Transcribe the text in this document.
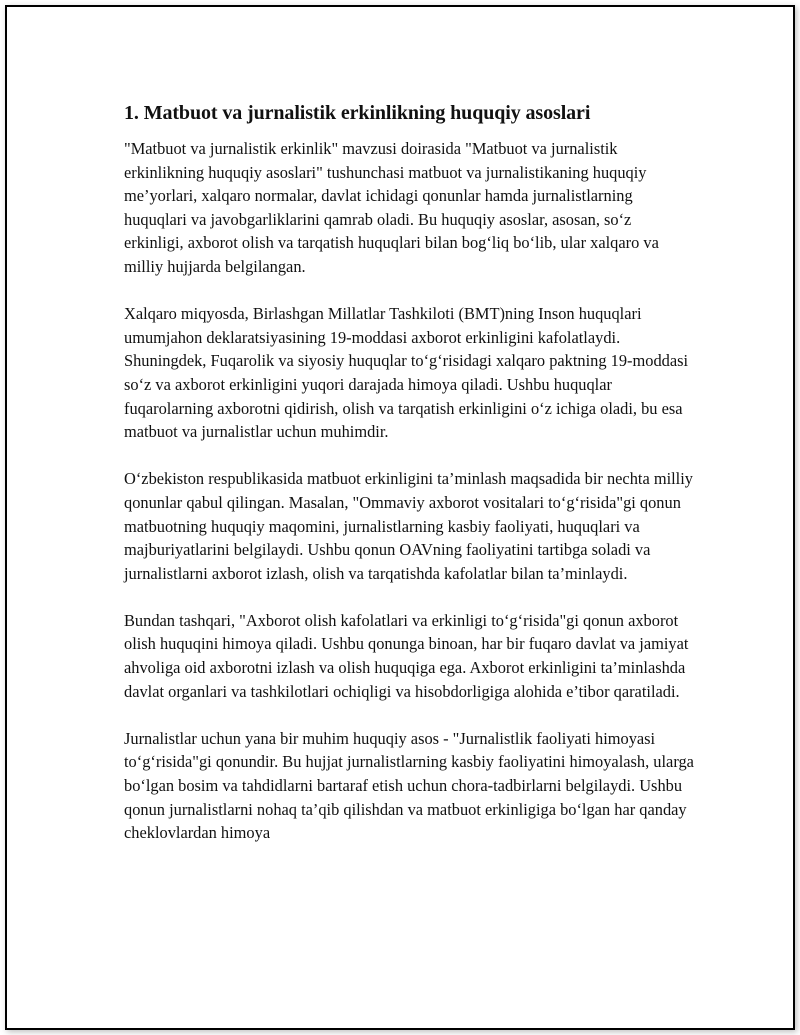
1. Matbuot va jurnalistik erkinlikning huquqiy asoslari

"Matbuot va jurnalistik erkinlik" mavzusi doirasida "Matbuot va jurnalistik erkinlikning huquqiy asoslari" tushunchasi matbuot va jurnalistikaning huquqiy me’yorlari, xalqaro normalar, davlat ichidagi qonunlar hamda jurnalistlarning huquqlari va javobgarliklarini qamrab oladi. Bu huquqiy asoslar, asosan, so‘z erkinligi, axborot olish va tarqatish huquqlari bilan bog‘liq bo‘lib, ular xalqaro va milliy hujjarda belgilangan.

Xalqaro miqyosda, Birlashgan Millatlar Tashkiloti (BMT)ning Inson huquqlari umumjahon deklaratsiyasining 19-moddasi axborot erkinligini kafolatlaydi. Shuningdek, Fuqarolik va siyosiy huquqlar to‘g‘risidagi xalqaro paktning 19-moddasi so‘z va axborot erkinligini yuqori darajada himoya qiladi. Ushbu huquqlar fuqarolarning axborotni qidirish, olish va tarqatish erkinligini o‘z ichiga oladi, bu esa matbuot va jurnalistlar uchun muhimdir.

O‘zbekiston respublikasida matbuot erkinligini ta’minlash maqsadida bir nechta milliy qonunlar qabul qilingan. Masalan, "Ommaviy axborot vositalari to‘g‘risida"gi qonun matbuotning huquqiy maqomini, jurnalistlarning kasbiy faoliyati, huquqlari va majburiyatlarini belgilaydi. Ushbu qonun OAVning faoliyatini tartibga soladi va jurnalistlarni axborot izlash, olish va tarqatishda kafolatlar bilan ta’minlaydi.

Bundan tashqari, "Axborot olish kafolatlari va erkinligi to‘g‘risida"gi qonun axborot olish huquqini himoya qiladi. Ushbu qonunga binoan, har bir fuqaro davlat va jamiyat ahvoliga oid axborotni izlash va olish huquqiga ega. Axborot erkinligini ta’minlashda davlat organlari va tashkilotlari ochiqligi va hisobdorligiga alohida e’tibor qaratiladi.

Jurnalistlar uchun yana bir muhim huquqiy asos - "Jurnalistlik faoliyati himoyasi to‘g‘risida"gi qonundir. Bu hujjat jurnalistlarning kasbiy faoliyatini himoyalash, ularga bo‘lgan bosim va tahdidlarni bartaraf etish uchun chora-tadbirlarni belgilaydi. Ushbu qonun jurnalistlarni nohaq ta’qib qilishdan va matbuot erkinligiga bo‘lgan har qanday cheklovlardan himoya
